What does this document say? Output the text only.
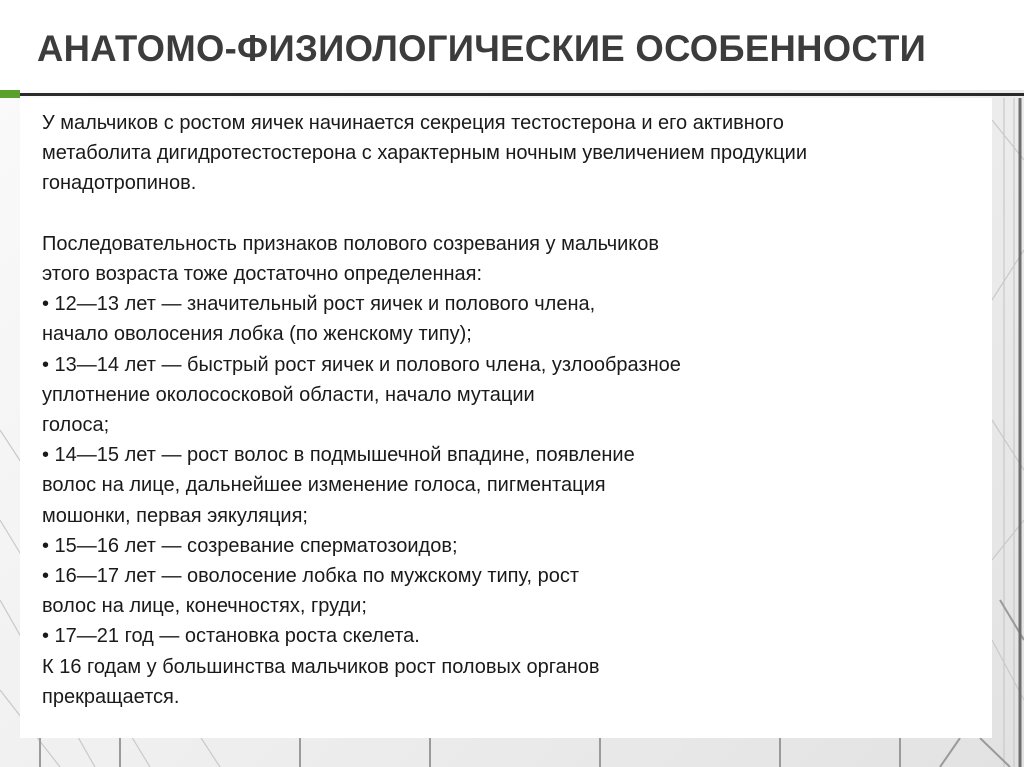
АНАТОМО-ФИЗИОЛОГИЧЕСКИЕ ОСОБЕННОСТИ
У мальчиков с ростом яичек начинается секреция тестостерона и его активного
метаболита дигидротестостерона с характерным ночным увеличением продукции
гонадотропинов.
Последовательность признаков полового созревания у мальчиков
этого возраста тоже достаточно определенная:
• 12—13 лет — значительный рост яичек и полового члена,
начало оволосения лобка (по женскому типу);
• 13—14 лет — быстрый рост яичек и полового члена, узлообразное
уплотнение околососковой области, начало мутации
голоса;
• 14—15 лет — рост волос в подмышечной впадине, появление
волос на лице, дальнейшее изменение голоса, пигментация
мошонки, первая эякуляция;
• 15—16 лет — созревание сперматозоидов;
• 16—17 лет — оволосение лобка по мужскому типу, рост
волос на лице, конечностях, груди;
• 17—21 год — остановка роста скелета.
К 16 годам у большинства мальчиков рост половых органов
прекращается.
